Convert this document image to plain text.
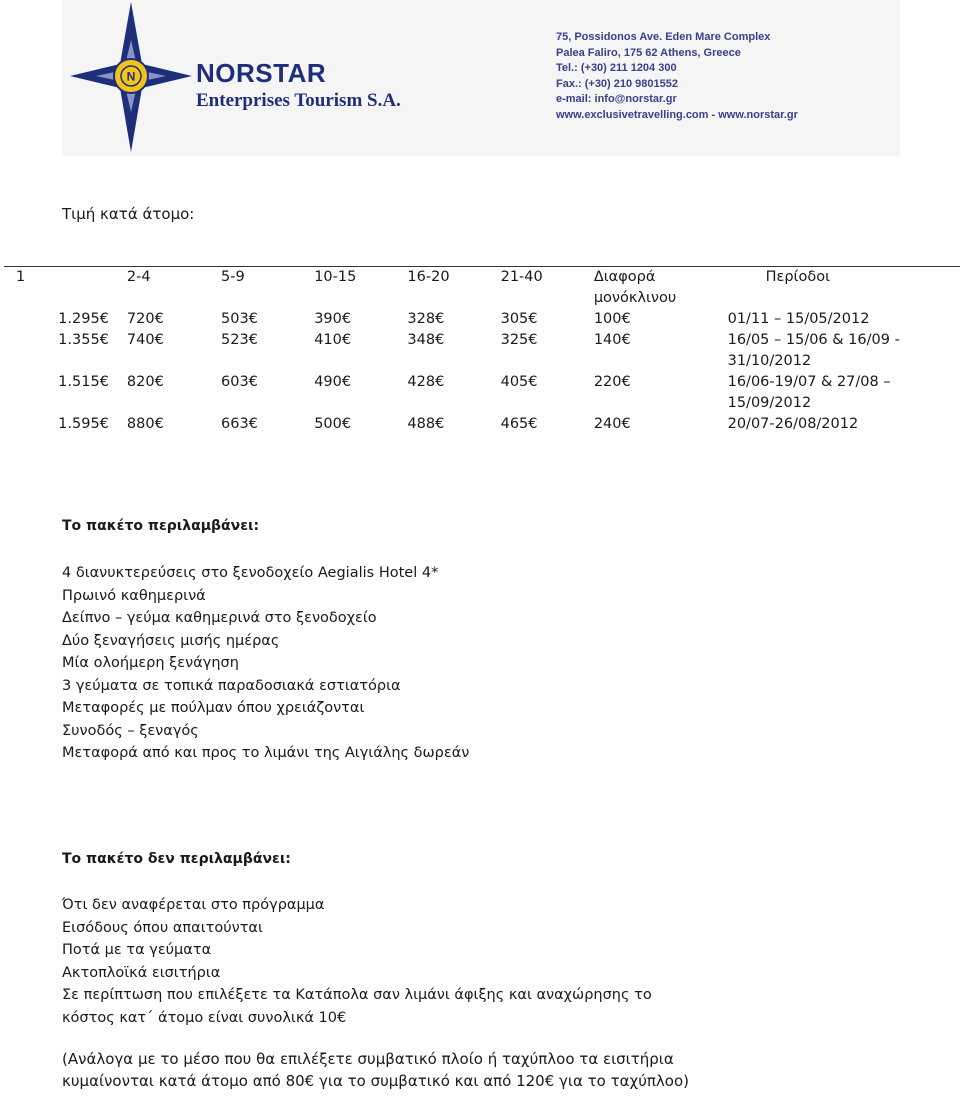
N NORSTAR
Enterprises Tourism S.A.
75, Possidonos Ave. Eden Mare Complex
Palea Faliro, 175 62 Athens, Greece
Tel.: (+30) 211 1204 300
Fax.: (+30) 210 9801552
e-mail: info@norstar.gr
www.exclusivetravelling.com - www.norstar.gr
Τιμή κατά άτομο:
1	2-4	5-9	10-15	16-20	21-40	Διαφορά μονόκλινου	Περίοδοι
1.295€	720€	503€	390€	328€	305€	100€	01/11 – 15/05/2012
1.355€	740€	523€	410€	348€	325€	140€	16/05 – 15/06 & 16/09 - 31/10/2012
1.515€	820€	603€	490€	428€	405€	220€	16/06-19/07 & 27/08 – 15/09/2012
1.595€	880€	663€	500€	488€	465€	240€	20/07-26/08/2012
Το πακέτο περιλαμβάνει:
4 διανυκτερεύσεις στο ξενοδοχείο Aegialis Hotel 4*
Πρωινό καθημερινά
Δείπνο – γεύμα καθημερινά στο ξενοδοχείο
Δύο ξεναγήσεις μισής ημέρας
Μία ολοήμερη ξενάγηση
3 γεύματα σε τοπικά παραδοσιακά εστιατόρια
Μεταφορές με πούλμαν όπου χρειάζονται
Συνοδός – ξεναγός
Μεταφορά από και προς το λιμάνι της Αιγιάλης δωρεάν
Το πακέτο δεν περιλαμβάνει:
Ότι δεν αναφέρεται στο πρόγραμμα
Εισόδους όπου απαιτούνται
Ποτά με τα γεύματα
Ακτοπλοϊκά εισιτήρια
Σε περίπτωση που επιλέξετε τα Κατάπολα σαν λιμάνι άφιξης και αναχώρησης το
κόστος κατ΄ άτομο είναι συνολικά 10€
(Ανάλογα με το μέσο που θα επιλέξετε συμβατικό πλοίο ή ταχύπλοο τα εισιτήρια
κυμαίνονται κατά άτομο από 80€ για το συμβατικό και από 120€ για το ταχύπλοο)
